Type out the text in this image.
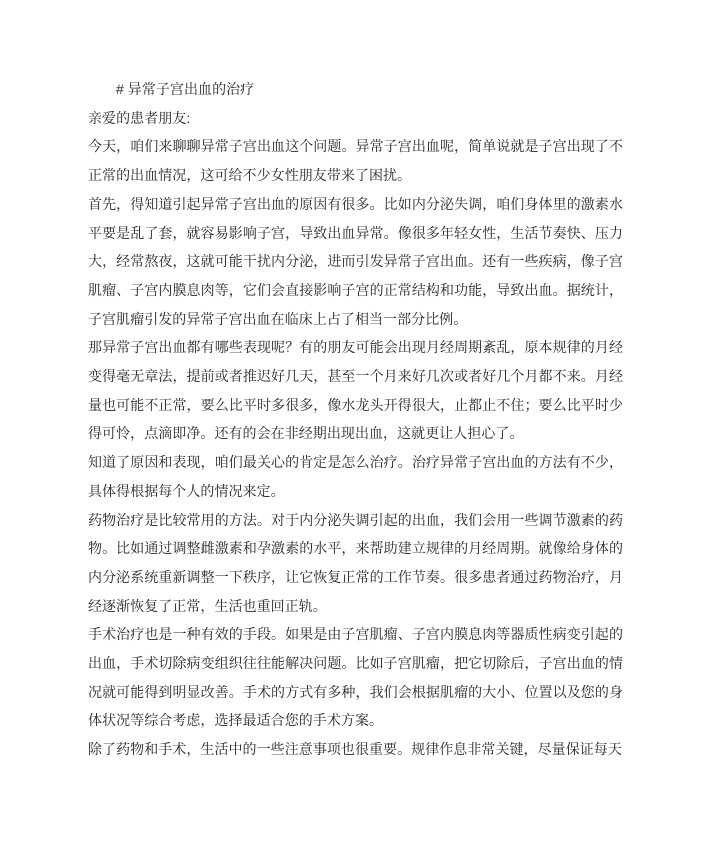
# 异常子宫出血的治疗
亲爱的患者朋友:

今天，咱们来聊聊异常子宫出血这个问题。异常子宫出血呢，简单说就是子宫出现了不正常的出血情况，这可给不少女性朋友带来了困扰。

首先，得知道引起异常子宫出血的原因有很多。比如内分泌失调，咱们身体里的激素水平要是乱了套，就容易影响子宫，导致出血异常。像很多年轻女性，生活节奏快、压力大，经常熬夜，这就可能干扰内分泌，进而引发异常子宫出血。还有一些疾病，像子宫肌瘤、子宫内膜息肉等，它们会直接影响子宫的正常结构和功能，导致出血。据统计，子宫肌瘤引发的异常子宫出血在临床上占了相当一部分比例。

那异常子宫出血都有哪些表现呢？有的朋友可能会出现月经周期紊乱，原本规律的月经变得毫无章法，提前或者推迟好几天，甚至一个月来好几次或者好几个月都不来。月经量也可能不正常，要么比平时多很多，像水龙头开得很大，止都止不住；要么比平时少得可怜，点滴即净。还有的会在非经期出现出血，这就更让人担心了。

知道了原因和表现，咱们最关心的肯定是怎么治疗。治疗异常子宫出血的方法有不少，具体得根据每个人的情况来定。

药物治疗是比较常用的方法。对于内分泌失调引起的出血，我们会用一些调节激素的药物。比如通过调整雌激素和孕激素的水平，来帮助建立规律的月经周期。就像给身体的内分泌系统重新调整一下秩序，让它恢复正常的工作节奏。很多患者通过药物治疗，月经逐渐恢复了正常，生活也重回正轨。

手术治疗也是一种有效的手段。如果是由子宫肌瘤、子宫内膜息肉等器质性病变引起的出血，手术切除病变组织往往能解决问题。比如子宫肌瘤，把它切除后，子宫出血的情况就可能得到明显改善。手术的方式有多种，我们会根据肌瘤的大小、位置以及您的身体状况等综合考虑，选择最适合您的手术方案。

除了药物和手术，生活中的一些注意事项也很重要。规律作息非常关键，尽量保证每天
